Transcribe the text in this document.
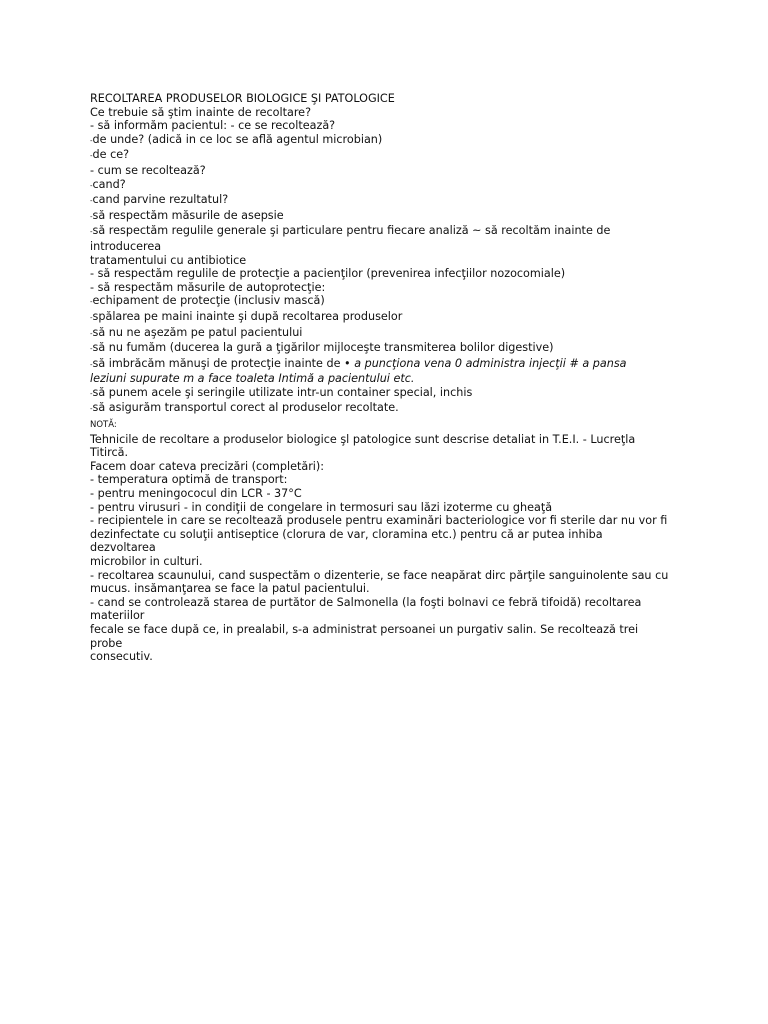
RECOLTAREA PRODUSELOR BIOLOGICE ŞI PATOLOGICE
Ce trebuie să ştim inainte de recoltare?
- să informăm pacientul: - ce se recoltează?
-de unde? (adică in ce loc se află agentul microbian)
-de ce?
- cum se recoltează?
-cand?
-cand parvine rezultatul?
-să respectăm măsurile de asepsie
-să respectăm regulile generale şi particulare pentru fiecare analiză ~ să recoltăm inainte de
introducerea
tratamentului cu antibiotice
- să respectăm regulile de protecţie a pacienţilor (prevenirea infecţiilor nozocomiale)
- să respectăm măsurile de autoprotecţie:
-echipament de protecţie (inclusiv mască)
-spălarea pe maini inainte şi după recoltarea produselor
-să nu ne aşezăm pe patul pacientului
-să nu fumăm (ducerea la gură a ţigărilor mijloceşte transmiterea bolilor digestive)
-să imbrăcăm mănuşi de protecţie inainte de • a puncţiona vena 0 administra injecţii # a pansa
leziuni supurate m a face toaleta Intimă a pacientului etc.
-să punem acele şi seringile utilizate intr-un container special, inchis
-să asigurăm transportul corect al produselor recoltate.
NOTĂ:
Tehnicile de recoltare a produselor biologice şl patologice sunt descrise detaliat in T.E.I. - Lucreţla
Titircă.
Facem doar cateva precizări (completări):
- temperatura optimă de transport:
- pentru meningococul din LCR - 37°C
- pentru virusuri - in condiţii de congelare in termosuri sau lăzi izoterme cu gheaţă
- recipientele in care se recoltează produsele pentru examinări bacteriologice vor fi sterile dar nu vor fi
dezinfectate cu soluţii antiseptice (clorura de var, cloramina etc.) pentru că ar putea inhiba
dezvoltarea
microbilor in culturi.
- recoltarea scaunului, cand suspectăm o dizenterie, se face neapărat dirc părţile sanguinolente sau cu
mucus. insămanţarea se face la patul pacientului.
- cand se controlează starea de purtător de Salmonella (la foşti bolnavi ce febră tifoidă) recoltarea
materiilor
fecale se face după ce, in prealabil, s-a administrat persoanei un purgativ salin. Se recoltează trei
probe
consecutiv.
